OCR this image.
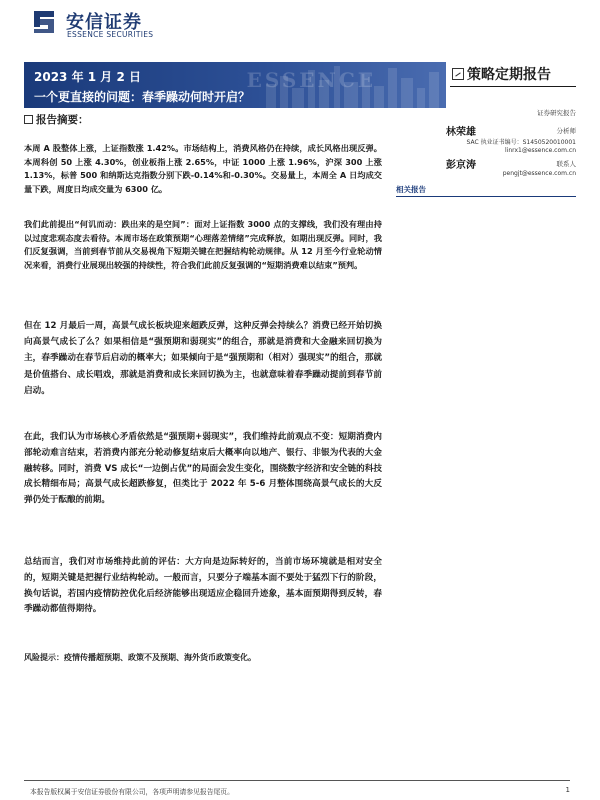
安信证券
ESSENCE SECURITIES
ESSENCE
2023 年 1 月 2 日
一个更直接的问题：春季躁动何时开启？
策略定期报告
证券研究报告
林荣雄	分析师
SAC 执业证书编号：S1450520010001
linrx1@essence.com.cn
彭京涛	联系人
pengjt@essence.com.cn
相关报告
报告摘要：

本周 A 股整体上涨，上证指数涨 1.42%。市场结构上，消费风格仍在持续，成长风格出现反弹。本周科创 50 上涨 4.30%，创业板指上涨 2.65%，中证 1000 上涨 1.96%，沪深 300 上涨 1.13%，标普 500 和纳斯达克指数分别下跌-0.14%和-0.30%。交易量上，本周全 A 日均成交量下跌，周度日均成交量为 6300 亿。

我们此前提出“何讥而动：跌出来的是空间”：面对上证指数 3000 点的支撑线，我们没有理由持以过度悲观态度去看待。本周市场在政策预期“心理落差情绪”完成释放，如期出现反弹。同时，我们反复强调，当前到春节前从交易视角下短期关键在把握结构轮动规律。从 12 月至今行业轮动情况来看，消费行业展现出较强的持续性，符合我们此前反复强调的“短期消费难以结束”预判。

但在 12 月最后一周，高景气成长板块迎来超跌反弹，这种反弹会持续么？消费已经开始切换向高景气成长了么？如果相信是“强预期和弱现实”的组合，那就是消费和大金融来回切换为主，春季躁动在春节后启动的概率大；如果倾向于是“强预期和（相对）强现实”的组合，那就是价值搭台、成长唱戏，那就是消费和成长来回切换为主，也就意味着春季躁动提前到春节前启动。

在此，我们认为市场核心矛盾依然是“强预期+弱现实”，我们维持此前观点不变：短期消费内部轮动难言结束，若消费内部充分轮动修复结束后大概率向以地产、银行、非银为代表的大金融转移。同时，消费 VS 成长“一边倒占优”的局面会发生变化，围绕数字经济和安全链的科技成长精细布局；高景气成长超跌修复，但类比于 2022 年 5-6 月整体围绕高景气成长的大反弹仍处于酝酿的前期。

总结而言，我们对市场维持此前的评估：大方向是边际转好的，当前市场环境就是相对安全的，短期关键是把握行业结构轮动。一般而言，只要分子端基本面不要处于猛烈下行的阶段，换句话说，若国内疫情防控优化后经济能够出现适应企稳回升迹象，基本面预期得到反转，春季躁动都值得期待。

风险提示：疫情传播超预期、政策不及预期、海外货币政策变化。
本报告版权属于安信证券股份有限公司，各项声明请参见报告尾页。	1
